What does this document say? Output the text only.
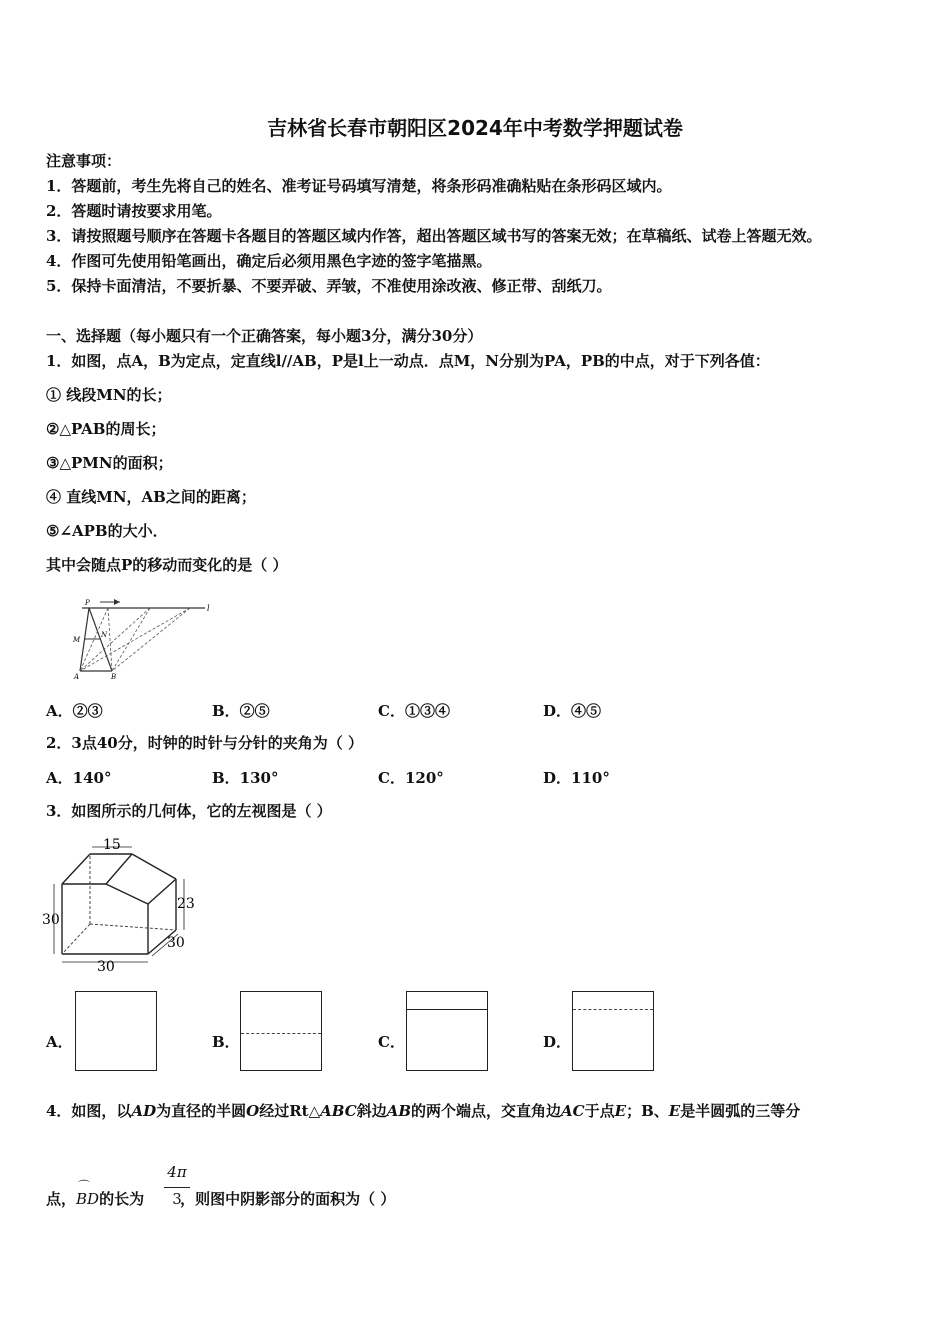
吉林省长春市朝阳区2024年中考数学押题试卷
注意事项：
1．答题前，考生先将自己的姓名、准考证号码填写清楚，将条形码准确粘贴在条形码区域内。
2．答题时请按要求用笔。
3．请按照题号顺序在答题卡各题目的答题区域内作答，超出答题区域书写的答案无效；在草稿纸、试卷上答题无效。
4．作图可先使用铅笔画出，确定后必须用黑色字迹的签字笔描黑。
5．保持卡面清洁，不要折暴、不要弄破、弄皱，不准使用涂改液、修正带、刮纸刀。
一、选择题（每小题只有一个正确答案，每小题3分，满分30分）
1．如图，点A，B为定点，定直线l//AB，P是l上一动点．点M，N分别为PA，PB的中点，对于下列各值：
① 线段MN的长；
②△PAB的周长；
③△PMN的面积；
④ 直线MN，AB之间的距离；
⑤∠APB的大小．
其中会随点P的移动而变化的是（ ）
P
l
M
N
A	B
A．②③	B．②⑤	C．①③④	D．④⑤
2．3点40分，时钟的时针与分针的夹角为（ ）
A．140°	B．130°	C．120°	D．110°
3．如图所示的几何体，它的左视图是（ ）
15
30
23
30
30
A．	B．	C．	D．
4．如图，以AD为直径的半圆O经过Rt△ABC斜边AB的两个端点，交直角边AC于点E；B、E是半圆弧的三等分
点，
⌒
BD的长为 ，则图中阴影部分的面积为（ ）
4π
3
